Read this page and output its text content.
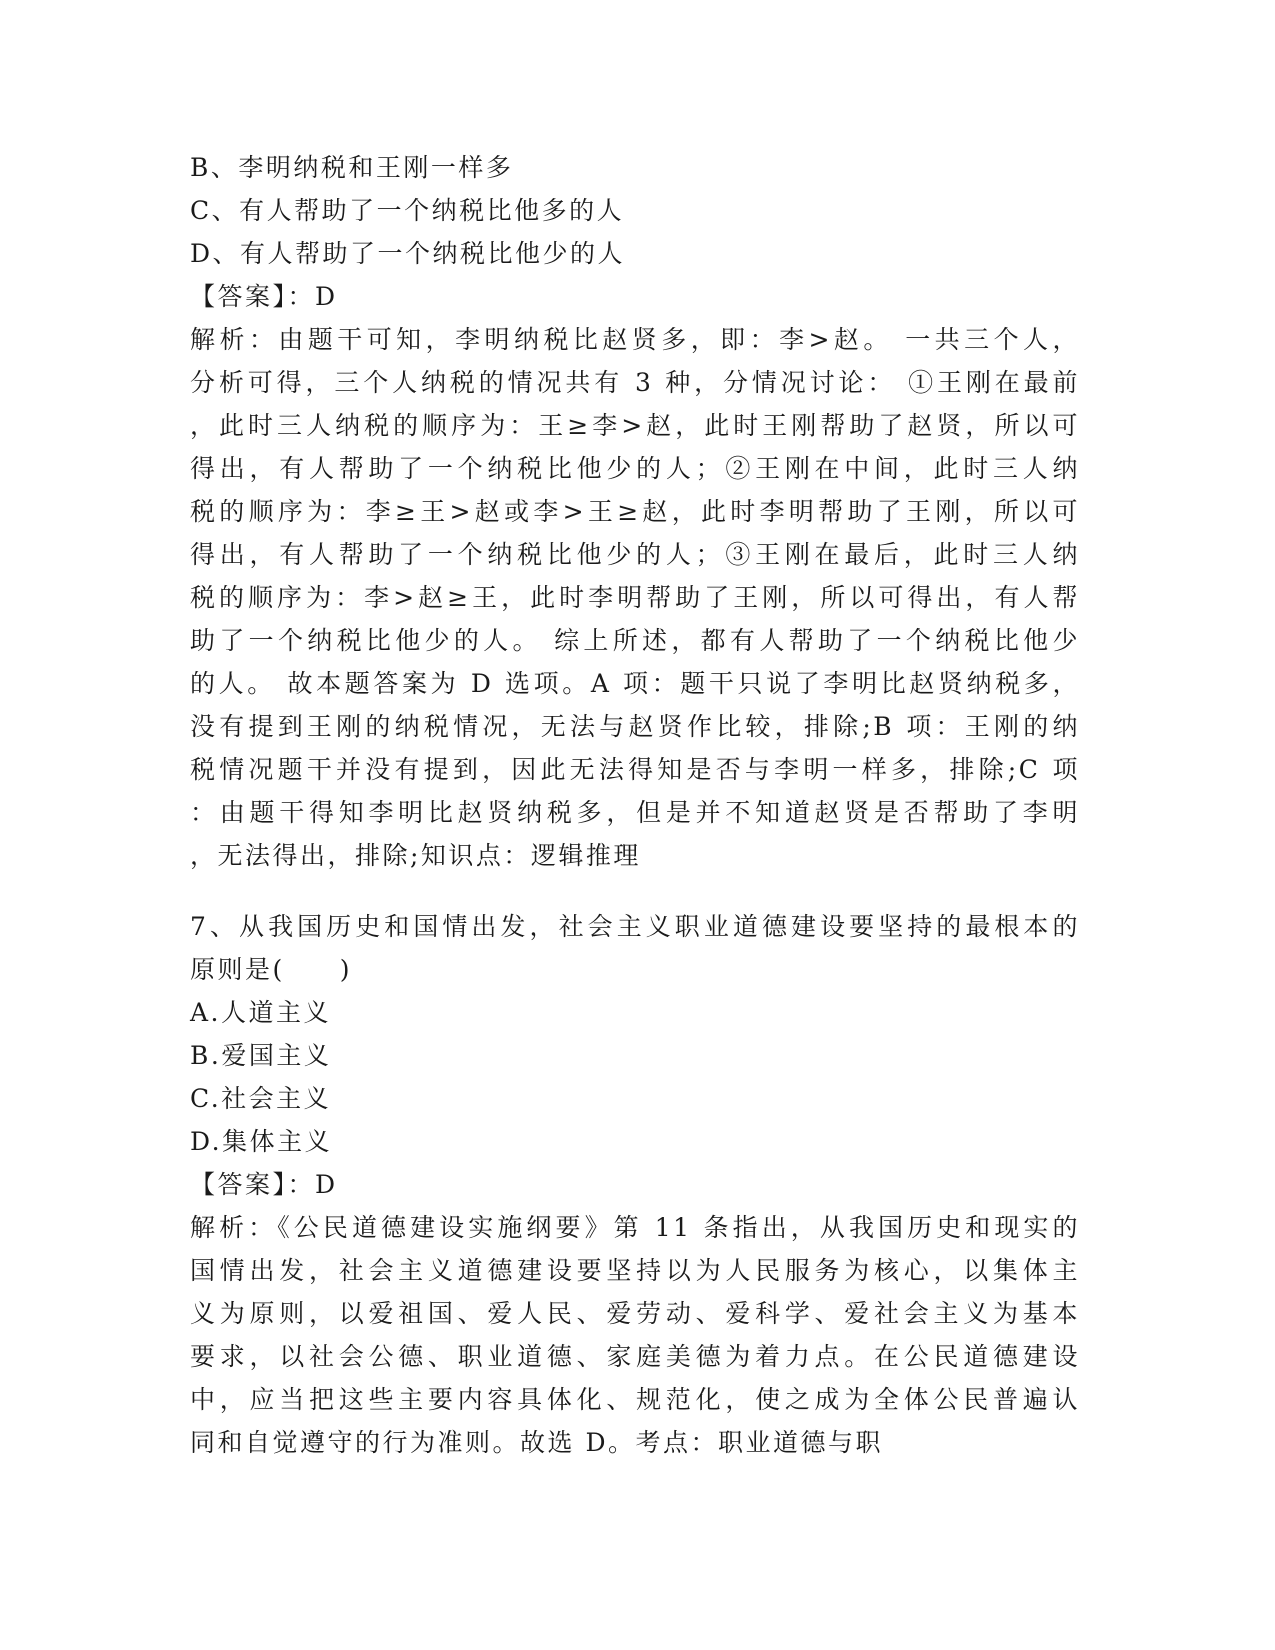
B、李明纳税和王刚一样多
C、有人帮助了一个纳税比他多的人
D、有人帮助了一个纳税比他少的人
【答案】：D
解析：由题干可知，李明纳税比赵贤多，即：李>赵。 一共三个人，
分析可得，三个人纳税的情况共有 3 种，分情况讨论： ①王刚在最前
，此时三人纳税的顺序为：王≥李>赵，此时王刚帮助了赵贤，所以可
得出，有人帮助了一个纳税比他少的人；②王刚在中间，此时三人纳
税的顺序为：李≥王>赵或李>王≥赵，此时李明帮助了王刚，所以可
得出，有人帮助了一个纳税比他少的人；③王刚在最后，此时三人纳
税的顺序为：李>赵≥王，此时李明帮助了王刚，所以可得出，有人帮
助了一个纳税比他少的人。 综上所述，都有人帮助了一个纳税比他少
的人。 故本题答案为 D 选项。A 项：题干只说了李明比赵贤纳税多，
没有提到王刚的纳税情况，无法与赵贤作比较，排除;B 项：王刚的纳
税情况题干并没有提到，因此无法得知是否与李明一样多，排除;C 项
：由题干得知李明比赵贤纳税多，但是并不知道赵贤是否帮助了李明
，无法得出，排除;知识点：逻辑推理
7、从我国历史和国情出发，社会主义职业道德建设要坚持的最根本的
原则是(　　)
A.人道主义
B.爱国主义
C.社会主义
D.集体主义
【答案】：D
解析：《公民道德建设实施纲要》第 11 条指出，从我国历史和现实的
国情出发，社会主义道德建设要坚持以为人民服务为核心，以集体主
义为原则，以爱祖国、爱人民、爱劳动、爱科学、爱社会主义为基本
要求，以社会公德、职业道德、家庭美德为着力点。在公民道德建设
中，应当把这些主要内容具体化、规范化，使之成为全体公民普遍认
同和自觉遵守的行为准则。故选 D。考点：职业道德与职
